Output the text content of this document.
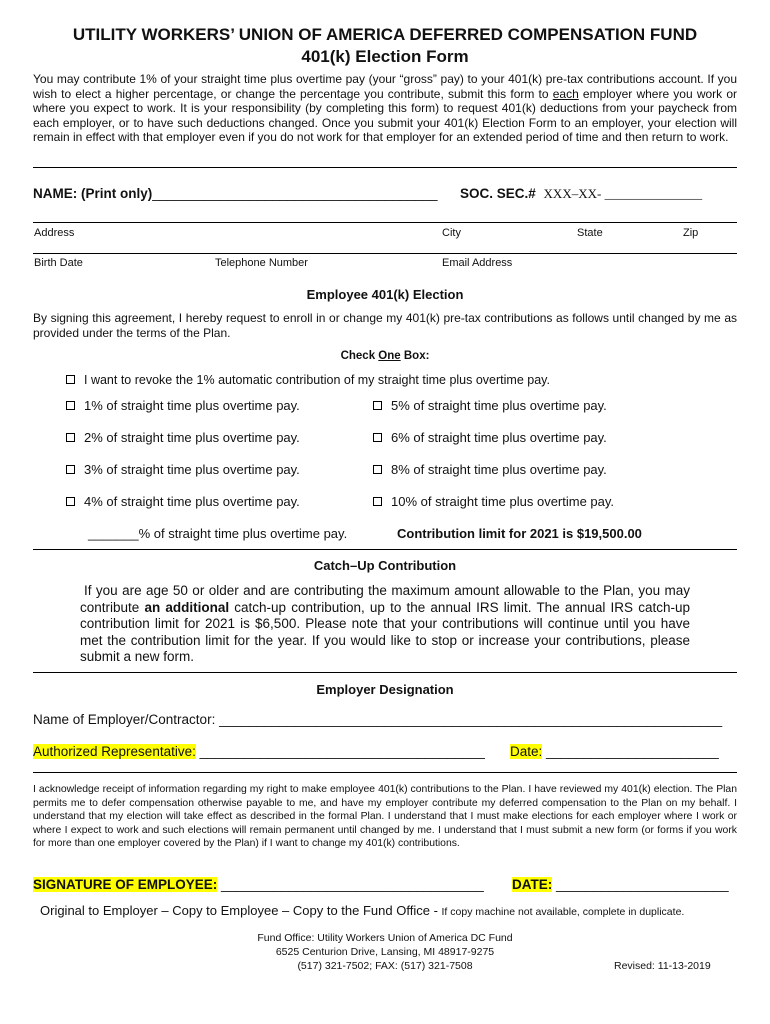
UTILITY WORKERS’ UNION OF AMERICA DEFERRED COMPENSATION FUND
401(k) Election Form
You may contribute 1% of your straight time plus overtime pay (your “gross” pay) to your 401(k) pre-tax contributions account. If you wish to elect a higher percentage, or change the percentage you contribute, submit this form to each employer where you work or where you expect to work. It is your responsibility (by completing this form) to request 401(k) deductions from your paycheck from each employer, or to have such deductions changed. Once you submit your 401(k) Election Form to an employer, your election will remain in effect with that employer even if you do not work for that employer for an extended period of time and then return to work.
NAME: (Print only)______________________________________ SOC. SEC.# XXX–XX- _______________
Address	City	State	Zip
Birth Date	Telephone Number	Email Address
Employee 401(k) Election
By signing this agreement, I hereby request to enroll in or change my 401(k) pre-tax contributions as follows until changed by me as provided under the terms of the Plan.
Check One Box:
I want to revoke the 1% automatic contribution of my straight time plus overtime pay.
1% of straight time plus overtime pay.	5% of straight time plus overtime pay.
2% of straight time plus overtime pay.	6% of straight time plus overtime pay.
3% of straight time plus overtime pay.	8% of straight time plus overtime pay.
4% of straight time plus overtime pay.	10% of straight time plus overtime pay.
_______% of straight time plus overtime pay.	Contribution limit for 2021 is $19,500.00
Catch–Up Contribution
If you are age 50 or older and are contributing the maximum amount allowable to the Plan, you may contribute an additional catch-up contribution, up to the annual IRS limit. The annual IRS catch-up contribution limit for 2021 is $6,500. Please note that your contributions will continue until you have met the contribution limit for the year. If you would like to stop or increase your contributions, please submit a new form.
Employer Designation
Name of Employer/Contractor: ___________________________________________________________________
Authorized Representative: ______________________________________ Date: _______________________
I acknowledge receipt of information regarding my right to make employee 401(k) contributions to the Plan. I have reviewed my 401(k) election. The Plan permits me to defer compensation otherwise payable to me, and have my employer contribute my deferred compensation to the Plan on my behalf. I understand that my election will take effect as described in the formal Plan. I understand that I must make elections for each employer where I work or where I expect to work and such elections will remain permanent until changed by me. I understand that I must submit a new form (or forms if you work for more than one employer covered by the Plan) if I want to change my 401(k) contributions.
SIGNATURE OF EMPLOYEE: ___________________________________ DATE: _______________________
Original to Employer – Copy to Employee – Copy to the Fund Office - If copy machine not available, complete in duplicate.
Fund Office: Utility Workers Union of America DC Fund
6525 Centurion Drive, Lansing, MI 48917-9275
(517) 321-7502; FAX: (517) 321-7508	Revised: 11-13-2019
